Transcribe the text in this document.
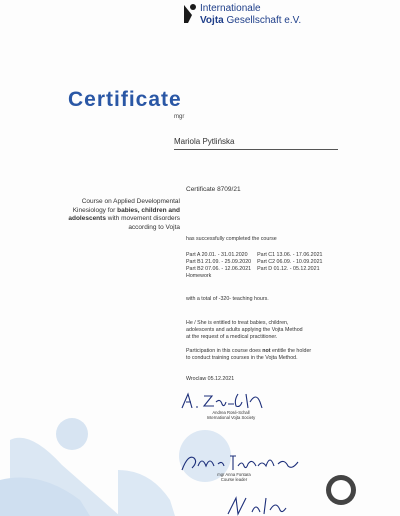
Internationale
Vojta Gesellschaft e.V.
Certificate
mgr
Mariola Pytlińska
Certificate 8709/21
Course on Applied Developmental Kinesiology for babies, children and adolescents with movement disorders according to Vojta
has successfully completed the course
Part A 20.01. - 31.01.2020	Part C1 13.06. - 17.06.2021
Part B1 21.09. - 25.09.2020	Part C2 06.09. - 10.09.2021
Part B2 07.06. - 12.06.2021	Part D 01.12. - 05.12.2021
Homework
with a total of -320- teaching hours.
He / She is entitled to treat babies, children,
adolescents and adults applying the Vojta Method
at the request of a medical practitioner.
Participation in this course does not entitle the holder
to conduct training courses in the Vojta Method.
Wroclaw 05.12.2021
Andrea Rosé-Schall
International Vojta Society
mgr Anna Fontara
Course leader
